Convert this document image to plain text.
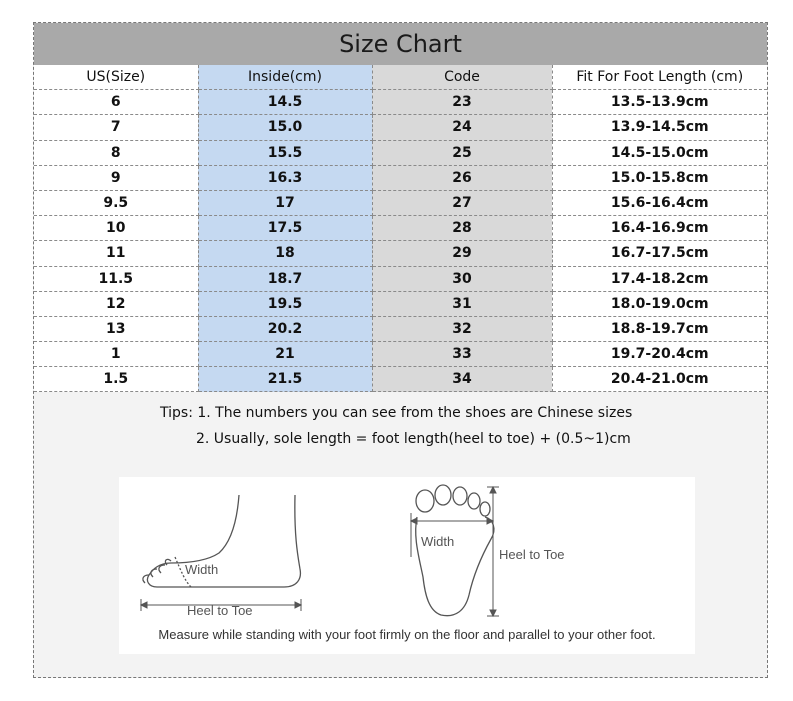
Size Chart
US(Size)	Inside(cm)	Code	Fit For Foot Length (cm)
6	14.5	23	13.5-13.9cm
7	15.0	24	13.9-14.5cm
8	15.5	25	14.5-15.0cm
9	16.3	26	15.0-15.8cm
9.5	17	27	15.6-16.4cm
10	17.5	28	16.4-16.9cm
11	18	29	16.7-17.5cm
11.5	18.7	30	17.4-18.2cm
12	19.5	31	18.0-19.0cm
13	20.2	32	18.8-19.7cm
1	21	33	19.7-20.4cm
1.5	21.5	34	20.4-21.0cm
Tips: 1. The numbers you can see from the shoes are Chinese sizes
2. Usually, sole length = foot length(heel to toe) + (0.5~1)cm
Width
Heel to Toe
Width
Heel to Toe
Measure while standing with your foot firmly on the floor and parallel to your other foot.
